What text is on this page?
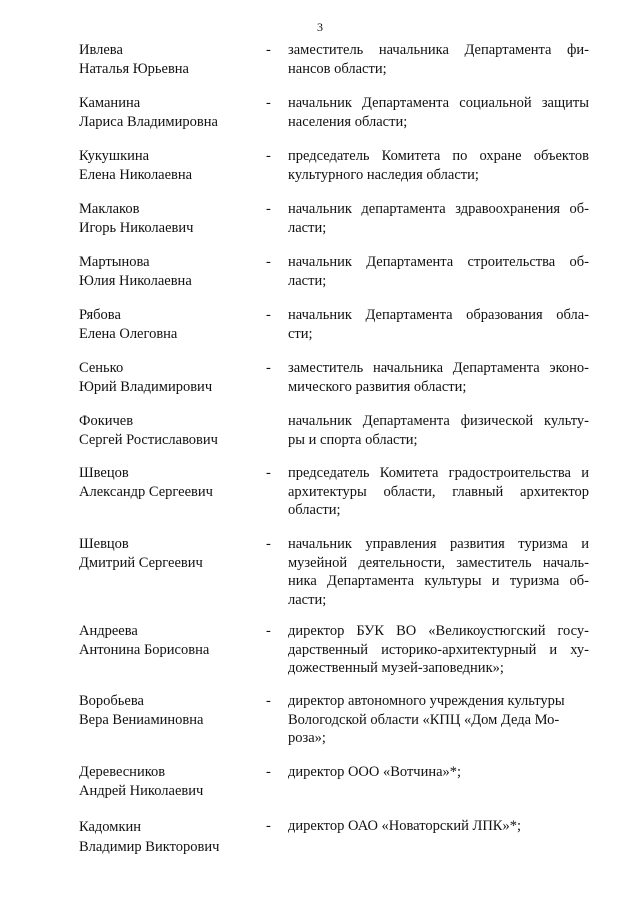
3
Ивлева
Наталья Юрьевна
- заместитель начальника Департамента фи-
нансов области;
Каманина
Лариса Владимировна
- начальник Департамента социальной защиты
населения области;
Кукушкина
Елена Николаевна
- председатель Комитета по охране объектов
культурного наследия области;
Маклаков
Игорь Николаевич
- начальник департамента здравоохранения об-
ласти;
Мартынова
Юлия Николаевна
- начальник Департамента строительства об-
ласти;
Рябова
Елена Олеговна
- начальник Департамента образования обла-
сти;
Сенько
Юрий Владимирович
- заместитель начальника Департамента эконо-
мического развития области;
Фокичев
Сергей Ростиславович
начальник Департамента физической культу-
ры и спорта области;
Швецов
Александр Сергеевич
- председатель Комитета градостроительства и
архитектуры области, главный архитектор
области;
Шевцов
Дмитрий Сергеевич
- начальник управления развития туризма и
музейной деятельности, заместитель началь-
ника Департамента культуры и туризма об-
ласти;
Андреева
Антонина Борисовна
- директор БУК ВО «Великоустюгский госу-
дарственный историко-архитектурный и ху-
дожественный музей-заповедник»;
Воробьева
Вера Вениаминовна
- директор автономного учреждения культуры
Вологодской области «КПЦ «Дом Деда Мо-
роза»;
Деревесников
Андрей Николаевич
- директор ООО «Вотчина»*;
Кадомкин
Владимир Викторович
- директор ОАО «Новаторский ЛПК»*;
